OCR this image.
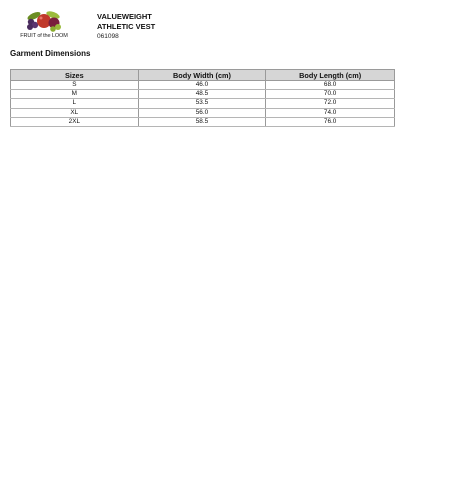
FRUIT of the LOOM
VALUEWEIGHT ATHLETIC VEST
061098
Garment Dimensions
Sizes	Body Width (cm)	Body Length (cm)
S	46.0	68.0
M	48.5	70.0
L	53.5	72.0
XL	56.0	74.0
2XL	58.5	76.0
